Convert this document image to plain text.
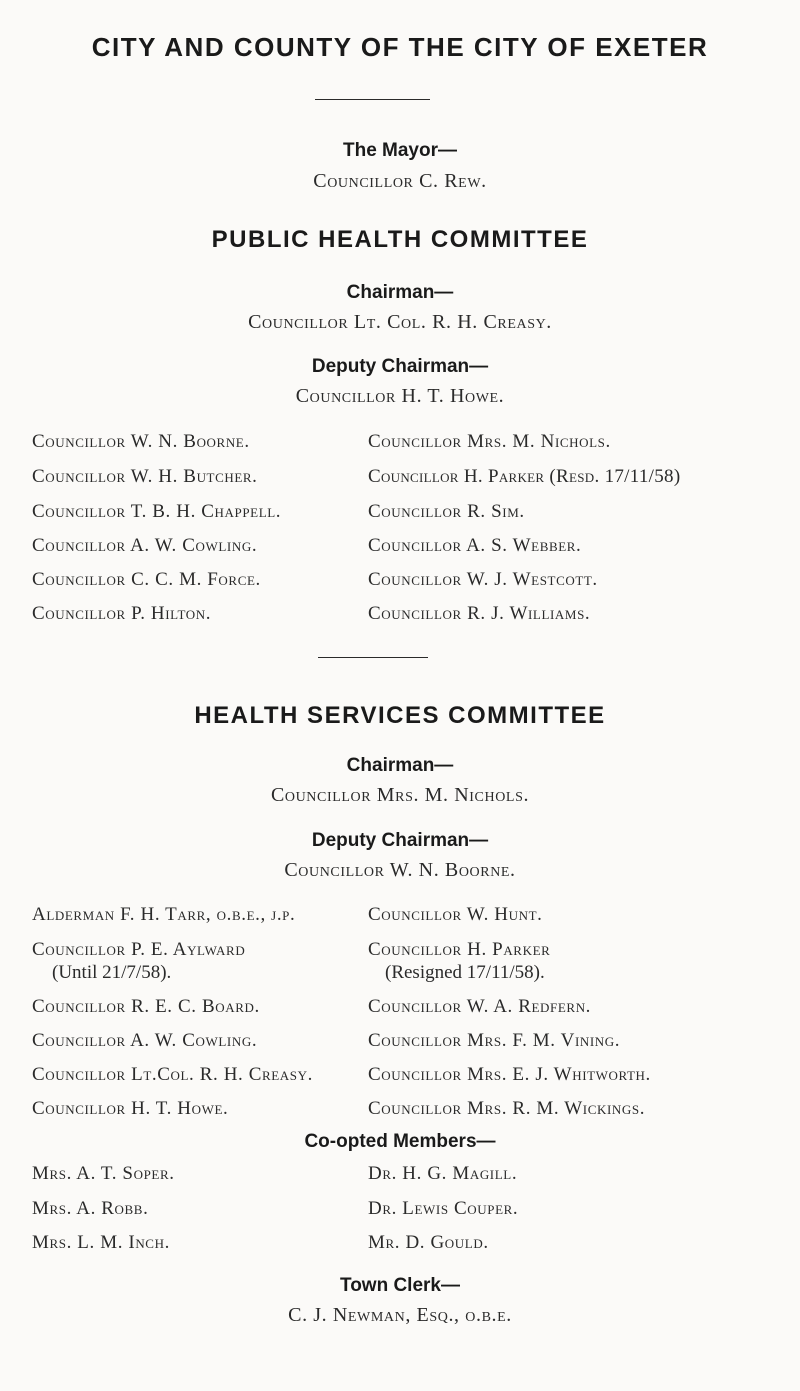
CITY AND COUNTY OF THE CITY OF EXETER
The Mayor—
Councillor C. Rew.
PUBLIC HEALTH COMMITTEE
Chairman—
Councillor Lt. Col. R. H. Creasy.
Deputy Chairman—
Councillor H. T. Howe.
Councillor W. N. Boorne.
Councillor W. H. Butcher.
Councillor T. B. H. Chappell.
Councillor A. W. Cowling.
Councillor C. C. M. Force.
Councillor P. Hilton.
Councillor Mrs. M. Nichols.
Councillor H. Parker (Resd. 17/11/58)
Councillor R. Sim.
Councillor A. S. Webber.
Councillor W. J. Westcott.
Councillor R. J. Williams.
HEALTH SERVICES COMMITTEE
Chairman—
Councillor Mrs. M. Nichols.
Deputy Chairman—
Councillor W. N. Boorne.
Alderman F. H. Tarr, o.b.e., j.p.
Councillor P. E. Aylward
(Until 21/7/58).
Councillor R. E. C. Board.
Councillor A. W. Cowling.
Councillor Lt.Col. R. H. Creasy.
Councillor H. T. Howe.
Councillor W. Hunt.
Councillor H. Parker
(Resigned 17/11/58).
Councillor W. A. Redfern.
Councillor Mrs. F. M. Vining.
Councillor Mrs. E. J. Whitworth.
Councillor Mrs. R. M. Wickings.
Co-opted Members—
Mrs. A. T. Soper.
Mrs. A. Robb.
Mrs. L. M. Inch.
Dr. H. G. Magill.
Dr. Lewis Couper.
Mr. D. Gould.
Town Clerk—
C. J. Newman, Esq., o.b.e.
